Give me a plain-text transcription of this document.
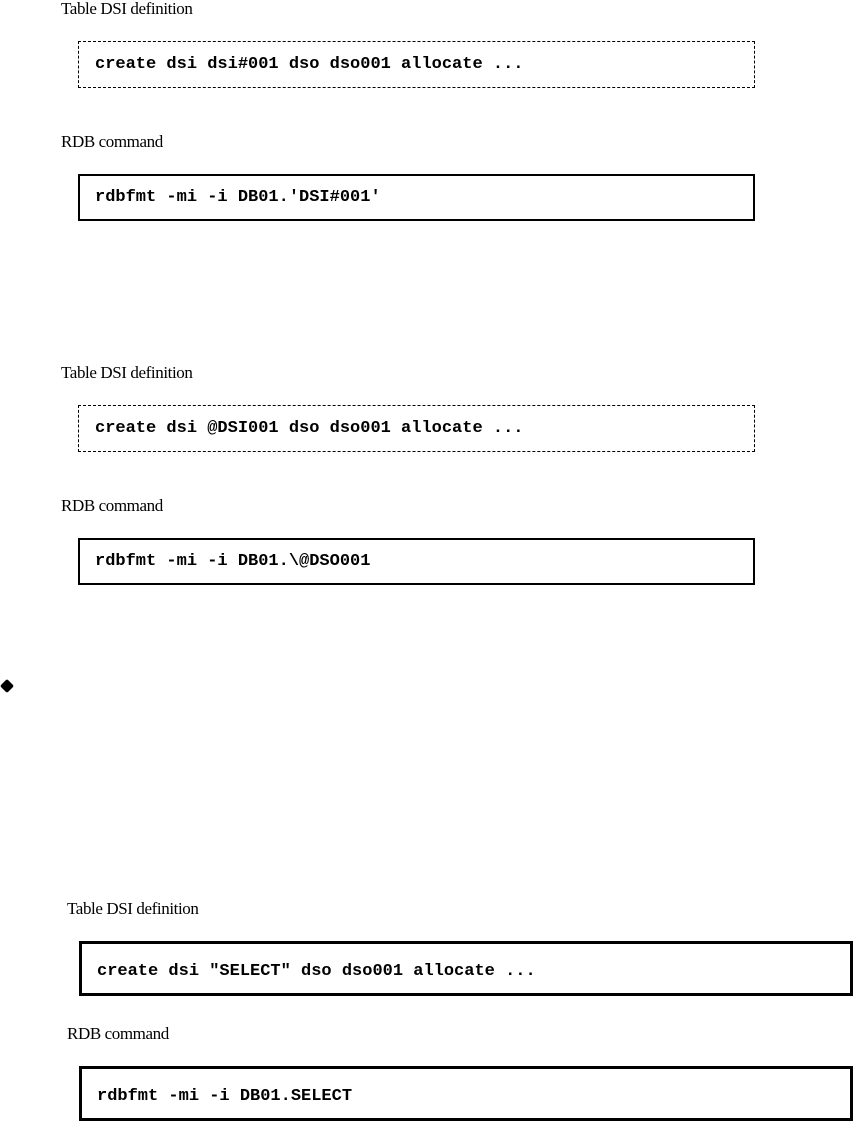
Table DSI definition
create dsi dsi#001 dso dso001 allocate ...
RDB command
rdbfmt -mi -i DB01.'DSI#001'
Table DSI definition
create dsi @DSI001 dso dso001 allocate ...
RDB command
rdbfmt -mi -i DB01.\@DSO001
Table DSI definition
create dsi "SELECT" dso dso001 allocate ...
RDB command
rdbfmt -mi -i DB01.SELECT
